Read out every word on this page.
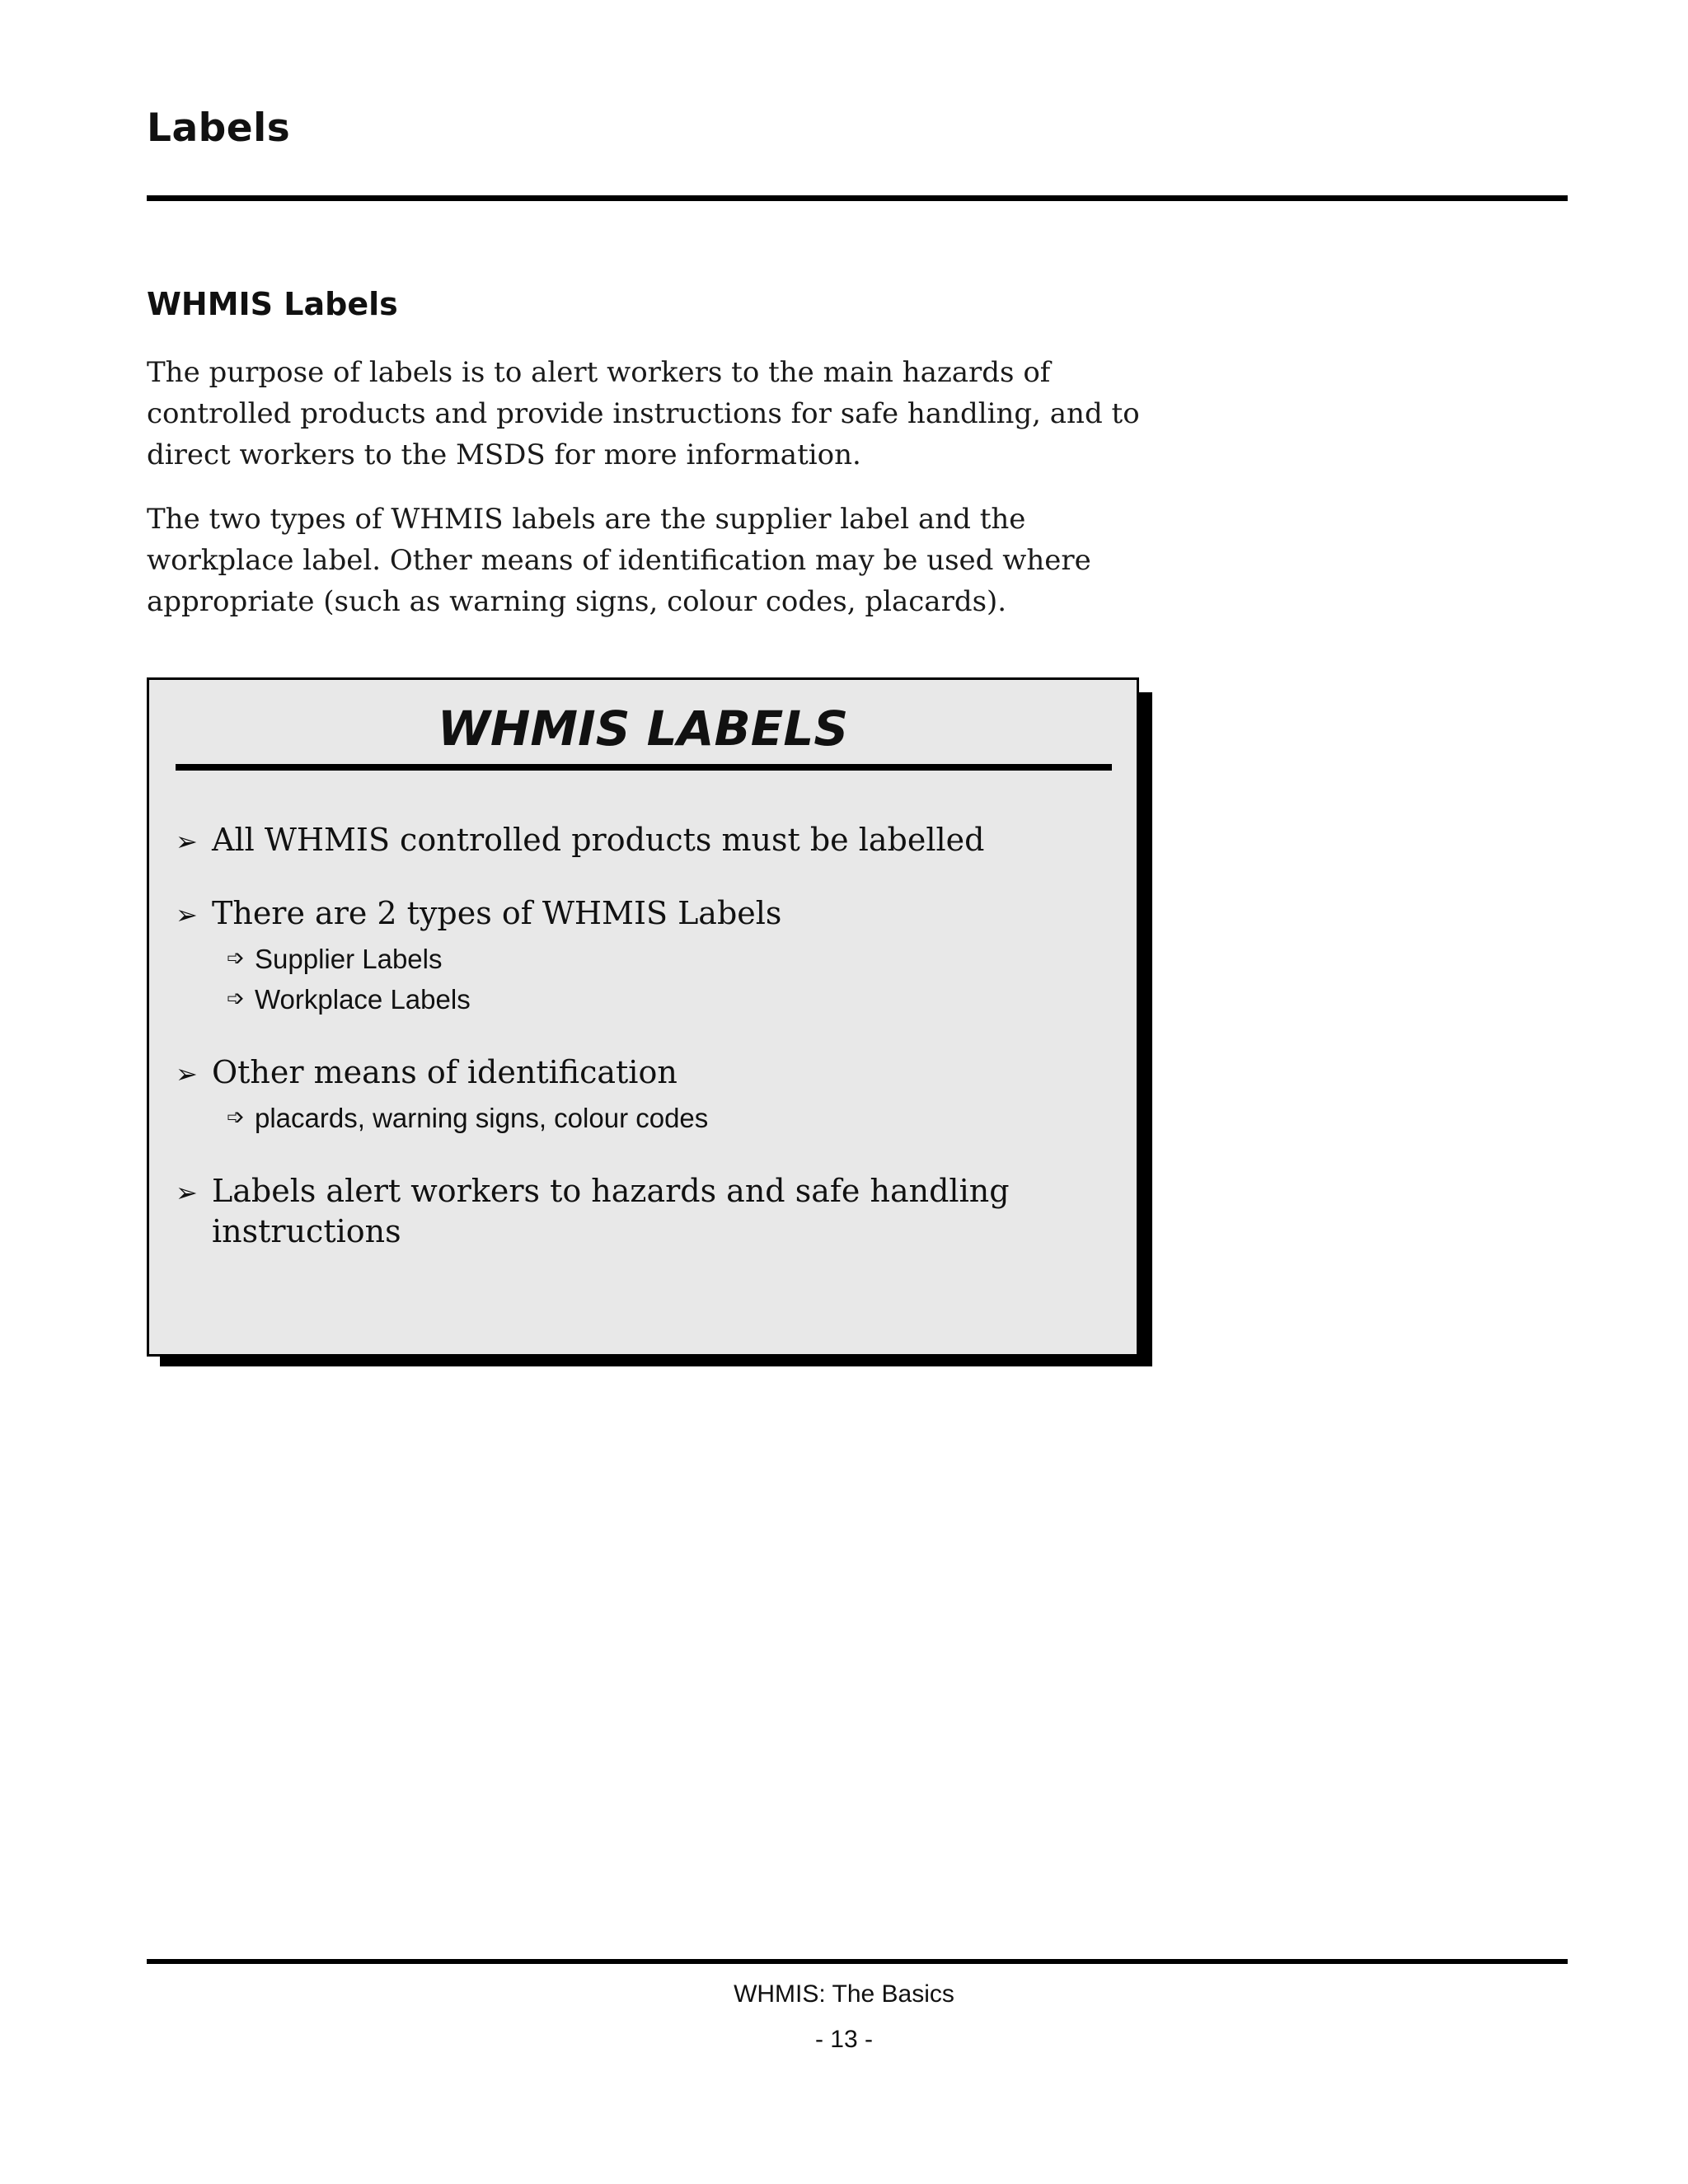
Labels
WHMIS Labels

The purpose of labels is to alert workers to the main hazards of controlled products and provide instructions for safe handling, and to direct workers to the MSDS for more information.

The two types of WHMIS labels are the supplier label and the workplace label. Other means of identification may be used where appropriate (such as warning signs, colour codes, placards).

WHMIS LABELS
➢ All WHMIS controlled products must be labelled
➢ There are 2 types of WHMIS Labels
➩ Supplier Labels
➩ Workplace Labels
➢ Other means of identification
➩ placards, warning signs, colour codes
➢ Labels alert workers to hazards and safe handling instructions

WHMIS: The Basics

- 13 -
